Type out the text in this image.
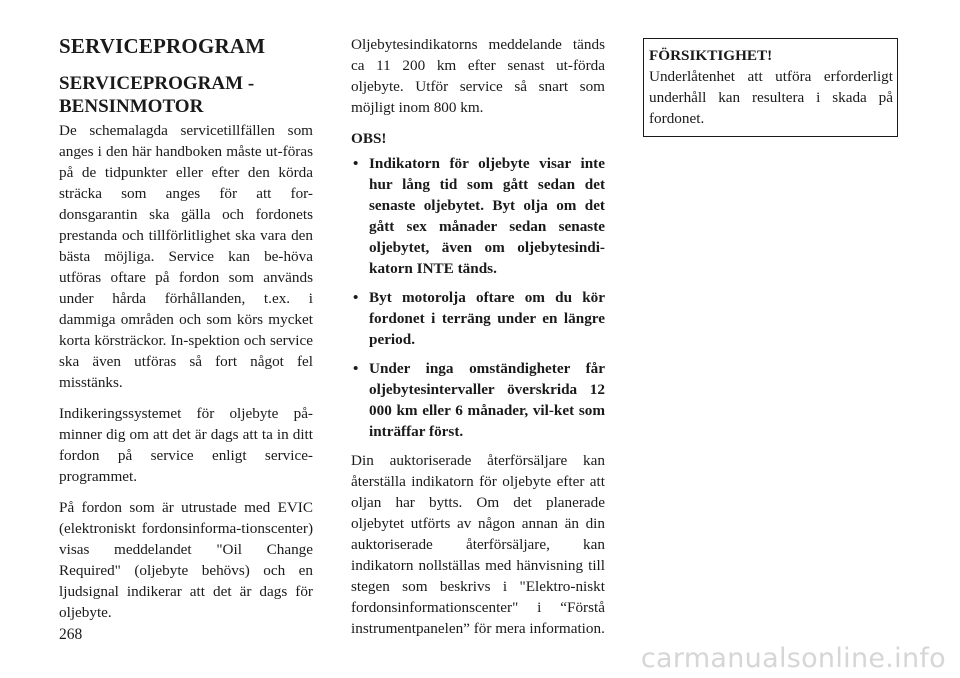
SERVICEPROGRAM
SERVICEPROGRAM - BENSINMOTOR

De schemalagda servicetillfällen som anges i den här handboken måste ut-föras på de tidpunkter eller efter den körda sträcka som anges för att for-donsgarantin ska gälla och fordonets prestanda och tillförlitlighet ska vara den bästa möjliga. Service kan be-höva utföras oftare på fordon som används under hårda förhållanden, t.ex. i dammiga områden och som körs mycket korta körsträckor. In-spektion och service ska även utföras så fort något fel misstänks.

Indikeringssystemet för oljebyte på-minner dig om att det är dags att ta in ditt fordon på service enligt service-programmet.

På fordon som är utrustade med EVIC (elektroniskt fordonsinforma-tionscenter) visas meddelandet "Oil Change Required" (oljebyte behövs) och en ljudsignal indikerar att det är dags för oljebyte.

Oljebytesindikatorns meddelande tänds ca 11 200 km efter senast ut-förda oljebyte. Utför service så snart som möjligt inom 800 km.

OBS!
• Indikatorn för oljebyte visar inte hur lång tid som gått sedan det senaste oljebytet. Byt olja om det gått sex månader sedan senaste oljebytet, även om oljebytesindi-katorn INTE tänds.
• Byt motorolja oftare om du kör fordonet i terräng under en längre period.
• Under inga omständigheter får oljebytesintervaller överskrida 12 000 km eller 6 månader, vil-ket som inträffar först.

Din auktoriserade återförsäljare kan återställa indikatorn för oljebyte efter att oljan har bytts. Om det planerade oljebytet utförts av någon annan än din auktoriserade återförsäljare, kan indikatorn nollställas med hänvisning till stegen som beskrivs i "Elektro-niskt fordonsinformationscenter" i “Förstå instrumentpanelen” för mera information.

FÖRSIKTIGHET!
Underlåtenhet att utföra erforderligt underhåll kan resultera i skada på fordonet.
268
carmanualsonline.info
